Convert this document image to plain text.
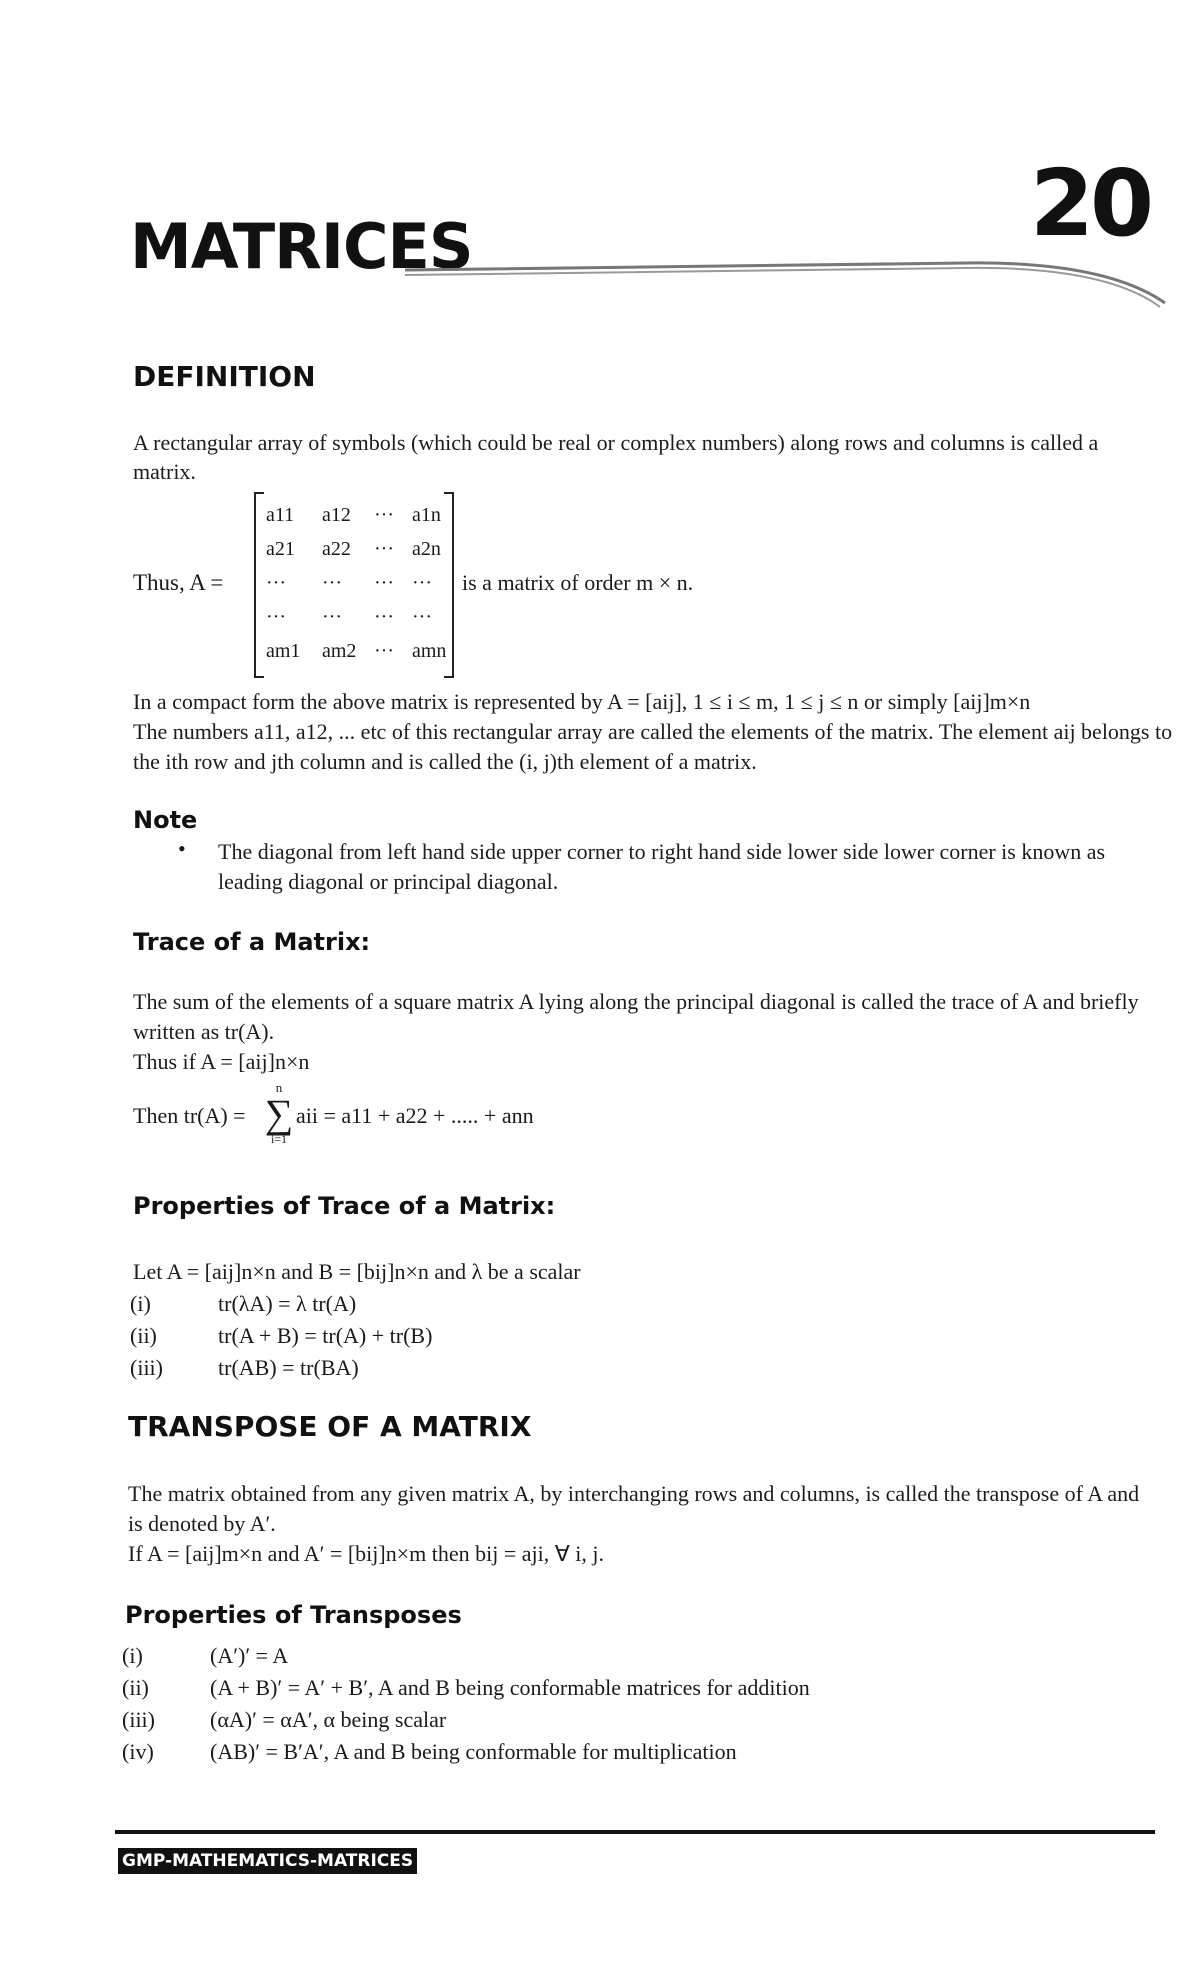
20
MATRICES
DEFINITION

A rectangular array of symbols (which could be real or complex numbers) along rows and columns is called a

matrix.

Thus, A =
a11	a12	··· a1n
a21	a22	··· a2n
···	···	··· ···
···	···	··· ···
am1	am2 ··· amn
is a matrix of order m × n.

In a compact form the above matrix is represented by A = [aij], 1 ≤ i ≤ m, 1 ≤ j ≤ n or simply [aij]m×n

The numbers a11, a12, ... etc of this rectangular array are called the elements of the matrix. The element aij belongs to

the ith row and jth column and is called the (i, j)th element of a matrix.

Note
• The diagonal from left hand side upper corner to right hand side lower side lower corner is known as

leading diagonal or principal diagonal.

Trace of a Matrix:

The sum of the elements of a square matrix A lying along the principal diagonal is called the trace of A and briefly

written as tr(A).

Thus if A = [aij]n×n

Then tr(A) =
n
∑
i=1
aii = a11 + a22 + ..... + ann
Properties of Trace of a Matrix:

Let A = [aij]n×n and B = [bij]n×n and λ be a scalar

(i)	tr(λA) = λ tr(A)
(ii)	tr(A + B) = tr(A) + tr(B)
(iii)	tr(AB) = tr(BA)
TRANSPOSE OF A MATRIX

The matrix obtained from any given matrix A, by interchanging rows and columns, is called the transpose of A and

is denoted by A′.

If A = [aij]m×n and A′ = [bij]n×m then bij = aji, ∀ i, j.

Properties of Transposes
(i)	(A′)′ = A
(ii)	(A + B)′ = A′ + B′, A and B being conformable matrices for addition
(iii)	(αA)′ = αA′, α being scalar
(iv)	(AB)′ = B′A′, A and B being conformable for multiplication
GMP-MATHEMATICS-MATRICES
